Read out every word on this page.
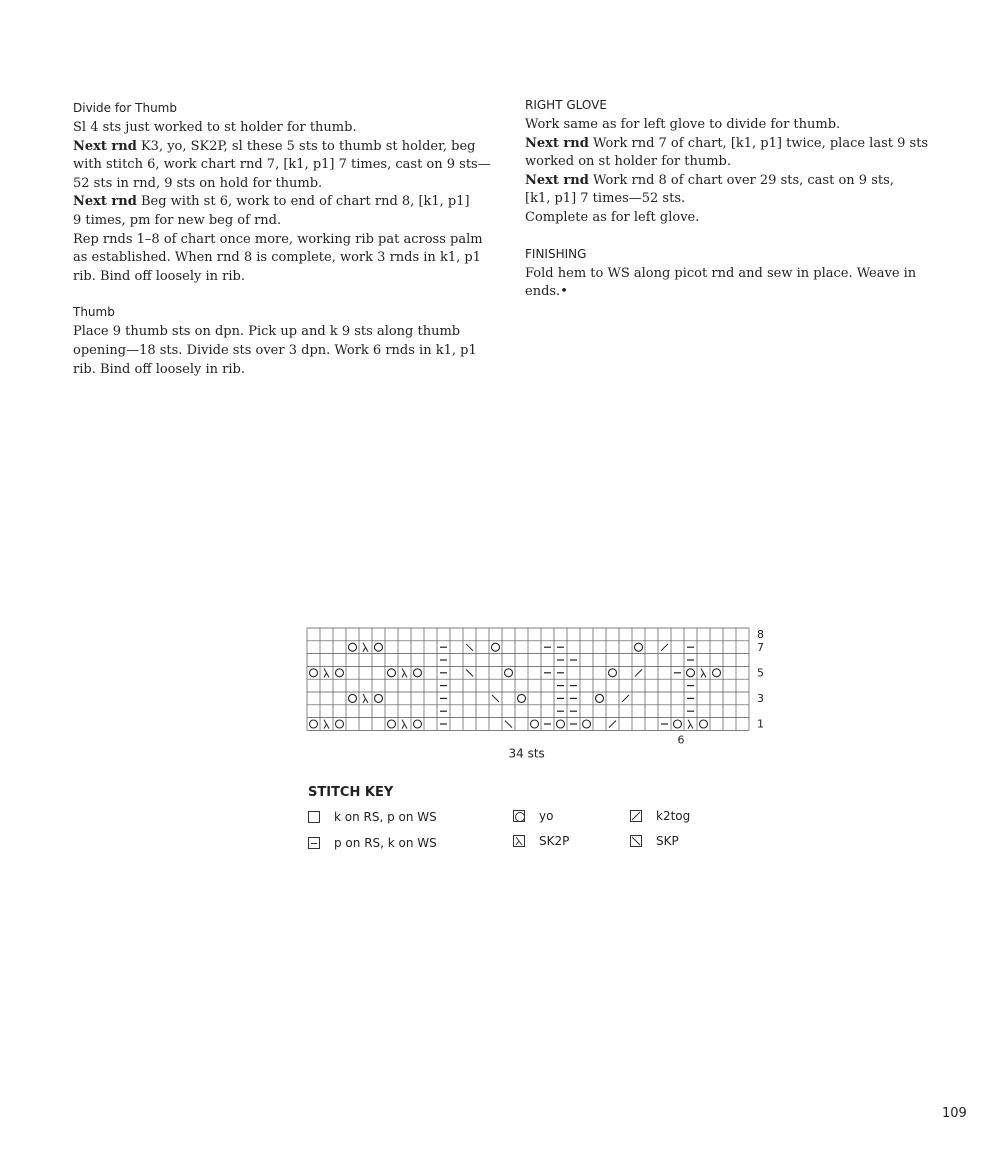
Divide for Thumb

Sl 4 sts just worked to st holder for thumb.

Next rnd K3, yo, SK2P, sl these 5 sts to thumb st holder, beg

with stitch 6, work chart rnd 7, [k1, p1] 7 times, cast on 9 sts—

52 sts in rnd, 9 sts on hold for thumb.

Next rnd Beg with st 6, work to end of chart rnd 8, [k1, p1]

9 times, pm for new beg of rnd.

Rep rnds 1–8 of chart once more, working rib pat across palm

as established. When rnd 8 is complete, work 3 rnds in k1, p1

rib. Bind off loosely in rib.

Thumb

Place 9 thumb sts on dpn. Pick up and k 9 sts along thumb

opening—18 sts. Divide sts over 3 dpn. Work 6 rnds in k1, p1

rib. Bind off loosely in rib.

RIGHT GLOVE

Work same as for left glove to divide for thumb.

Next rnd Work rnd 7 of chart, [k1, p1] twice, place last 9 sts

worked on st holder for thumb.

Next rnd Work rnd 8 of chart over 29 sts, cast on 9 sts,

[k1, p1] 7 times—52 sts.

Complete as for left glove.

FINISHING

Fold hem to WS along picot rnd and sew in place. Weave in

ends.•

8
7
5
3
1
6
34 sts
STITCH KEY
k on RS, p on WS
p on RS, k on WS
yo
SK2P
k2tog
SKP
109
